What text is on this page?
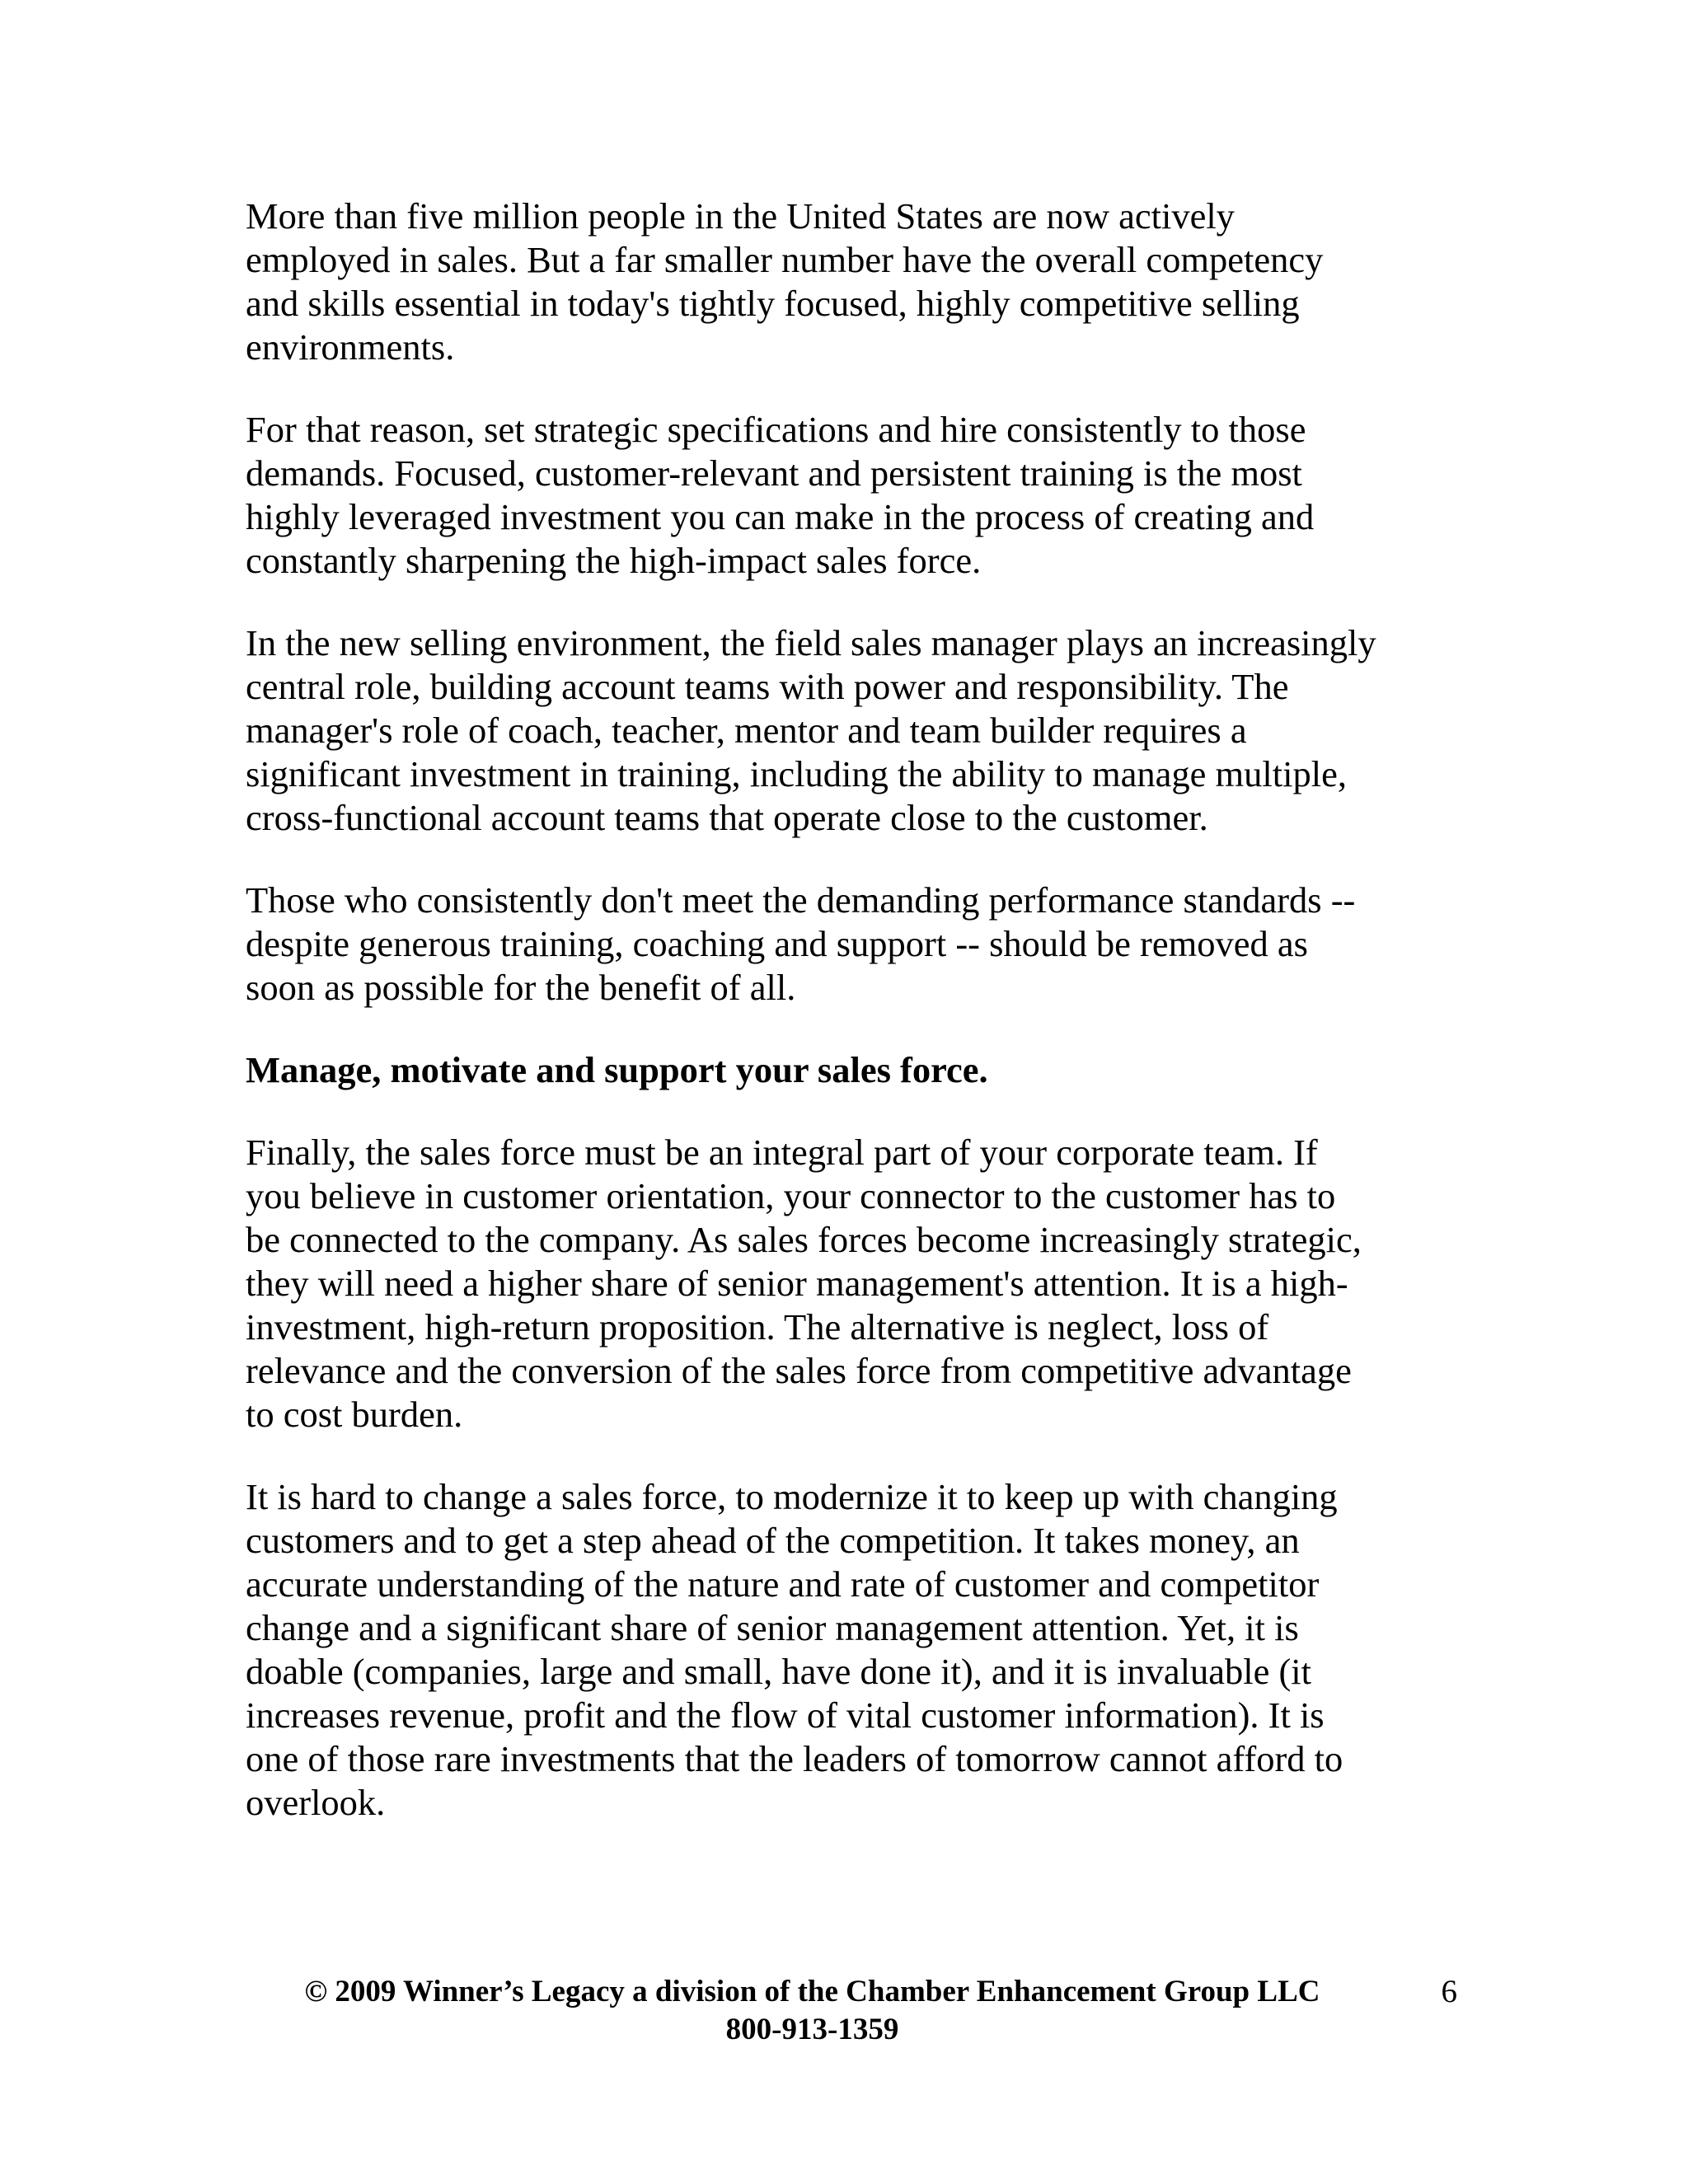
More than five million people in the United States are now actively
employed in sales. But a far smaller number have the overall competency
and skills essential in today's tightly focused, highly competitive selling
environments.
For that reason, set strategic specifications and hire consistently to those
demands. Focused, customer-relevant and persistent training is the most
highly leveraged investment you can make in the process of creating and
constantly sharpening the high-impact sales force.
In the new selling environment, the field sales manager plays an increasingly
central role, building account teams with power and responsibility. The
manager's role of coach, teacher, mentor and team builder requires a
significant investment in training, including the ability to manage multiple,
cross-functional account teams that operate close to the customer.
Those who consistently don't meet the demanding performance standards --
despite generous training, coaching and support -- should be removed as
soon as possible for the benefit of all.
Manage, motivate and support your sales force.
Finally, the sales force must be an integral part of your corporate team. If
you believe in customer orientation, your connector to the customer has to
be connected to the company. As sales forces become increasingly strategic,
they will need a higher share of senior management's attention. It is a high-
investment, high-return proposition. The alternative is neglect, loss of
relevance and the conversion of the sales force from competitive advantage
to cost burden.
It is hard to change a sales force, to modernize it to keep up with changing
customers and to get a step ahead of the competition. It takes money, an
accurate understanding of the nature and rate of customer and competitor
change and a significant share of senior management attention. Yet, it is
doable (companies, large and small, have done it), and it is invaluable (it
increases revenue, profit and the flow of vital customer information). It is
one of those rare investments that the leaders of tomorrow cannot afford to
overlook.
© 2009 Winner’s Legacy a division of the Chamber Enhancement Group LLC
800-913-1359
6
